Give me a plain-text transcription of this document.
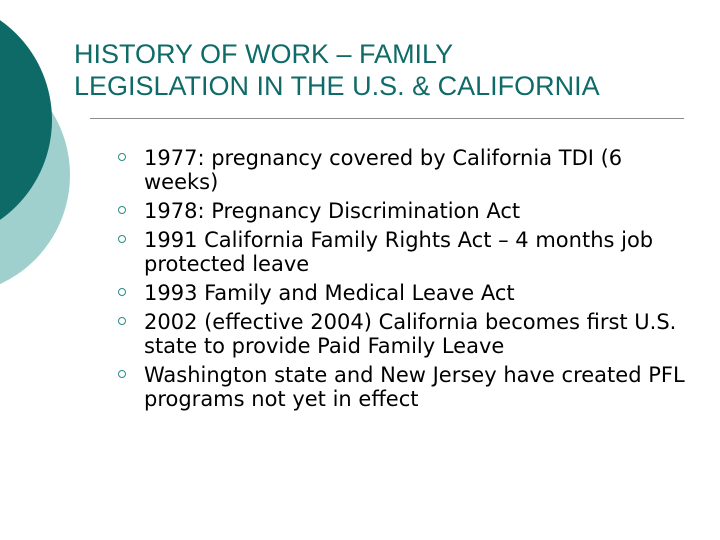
HISTORY OF WORK – FAMILY
LEGISLATION IN THE U.S. & CALIFORNIA
1977: pregnancy covered by California TDI (6 weeks)
1978: Pregnancy Discrimination Act
1991 California Family Rights Act – 4 months job protected leave
1993 Family and Medical Leave Act
2002 (effective 2004) California becomes first U.S. state to provide Paid Family Leave
Washington state and New Jersey have created PFL programs not yet in effect
